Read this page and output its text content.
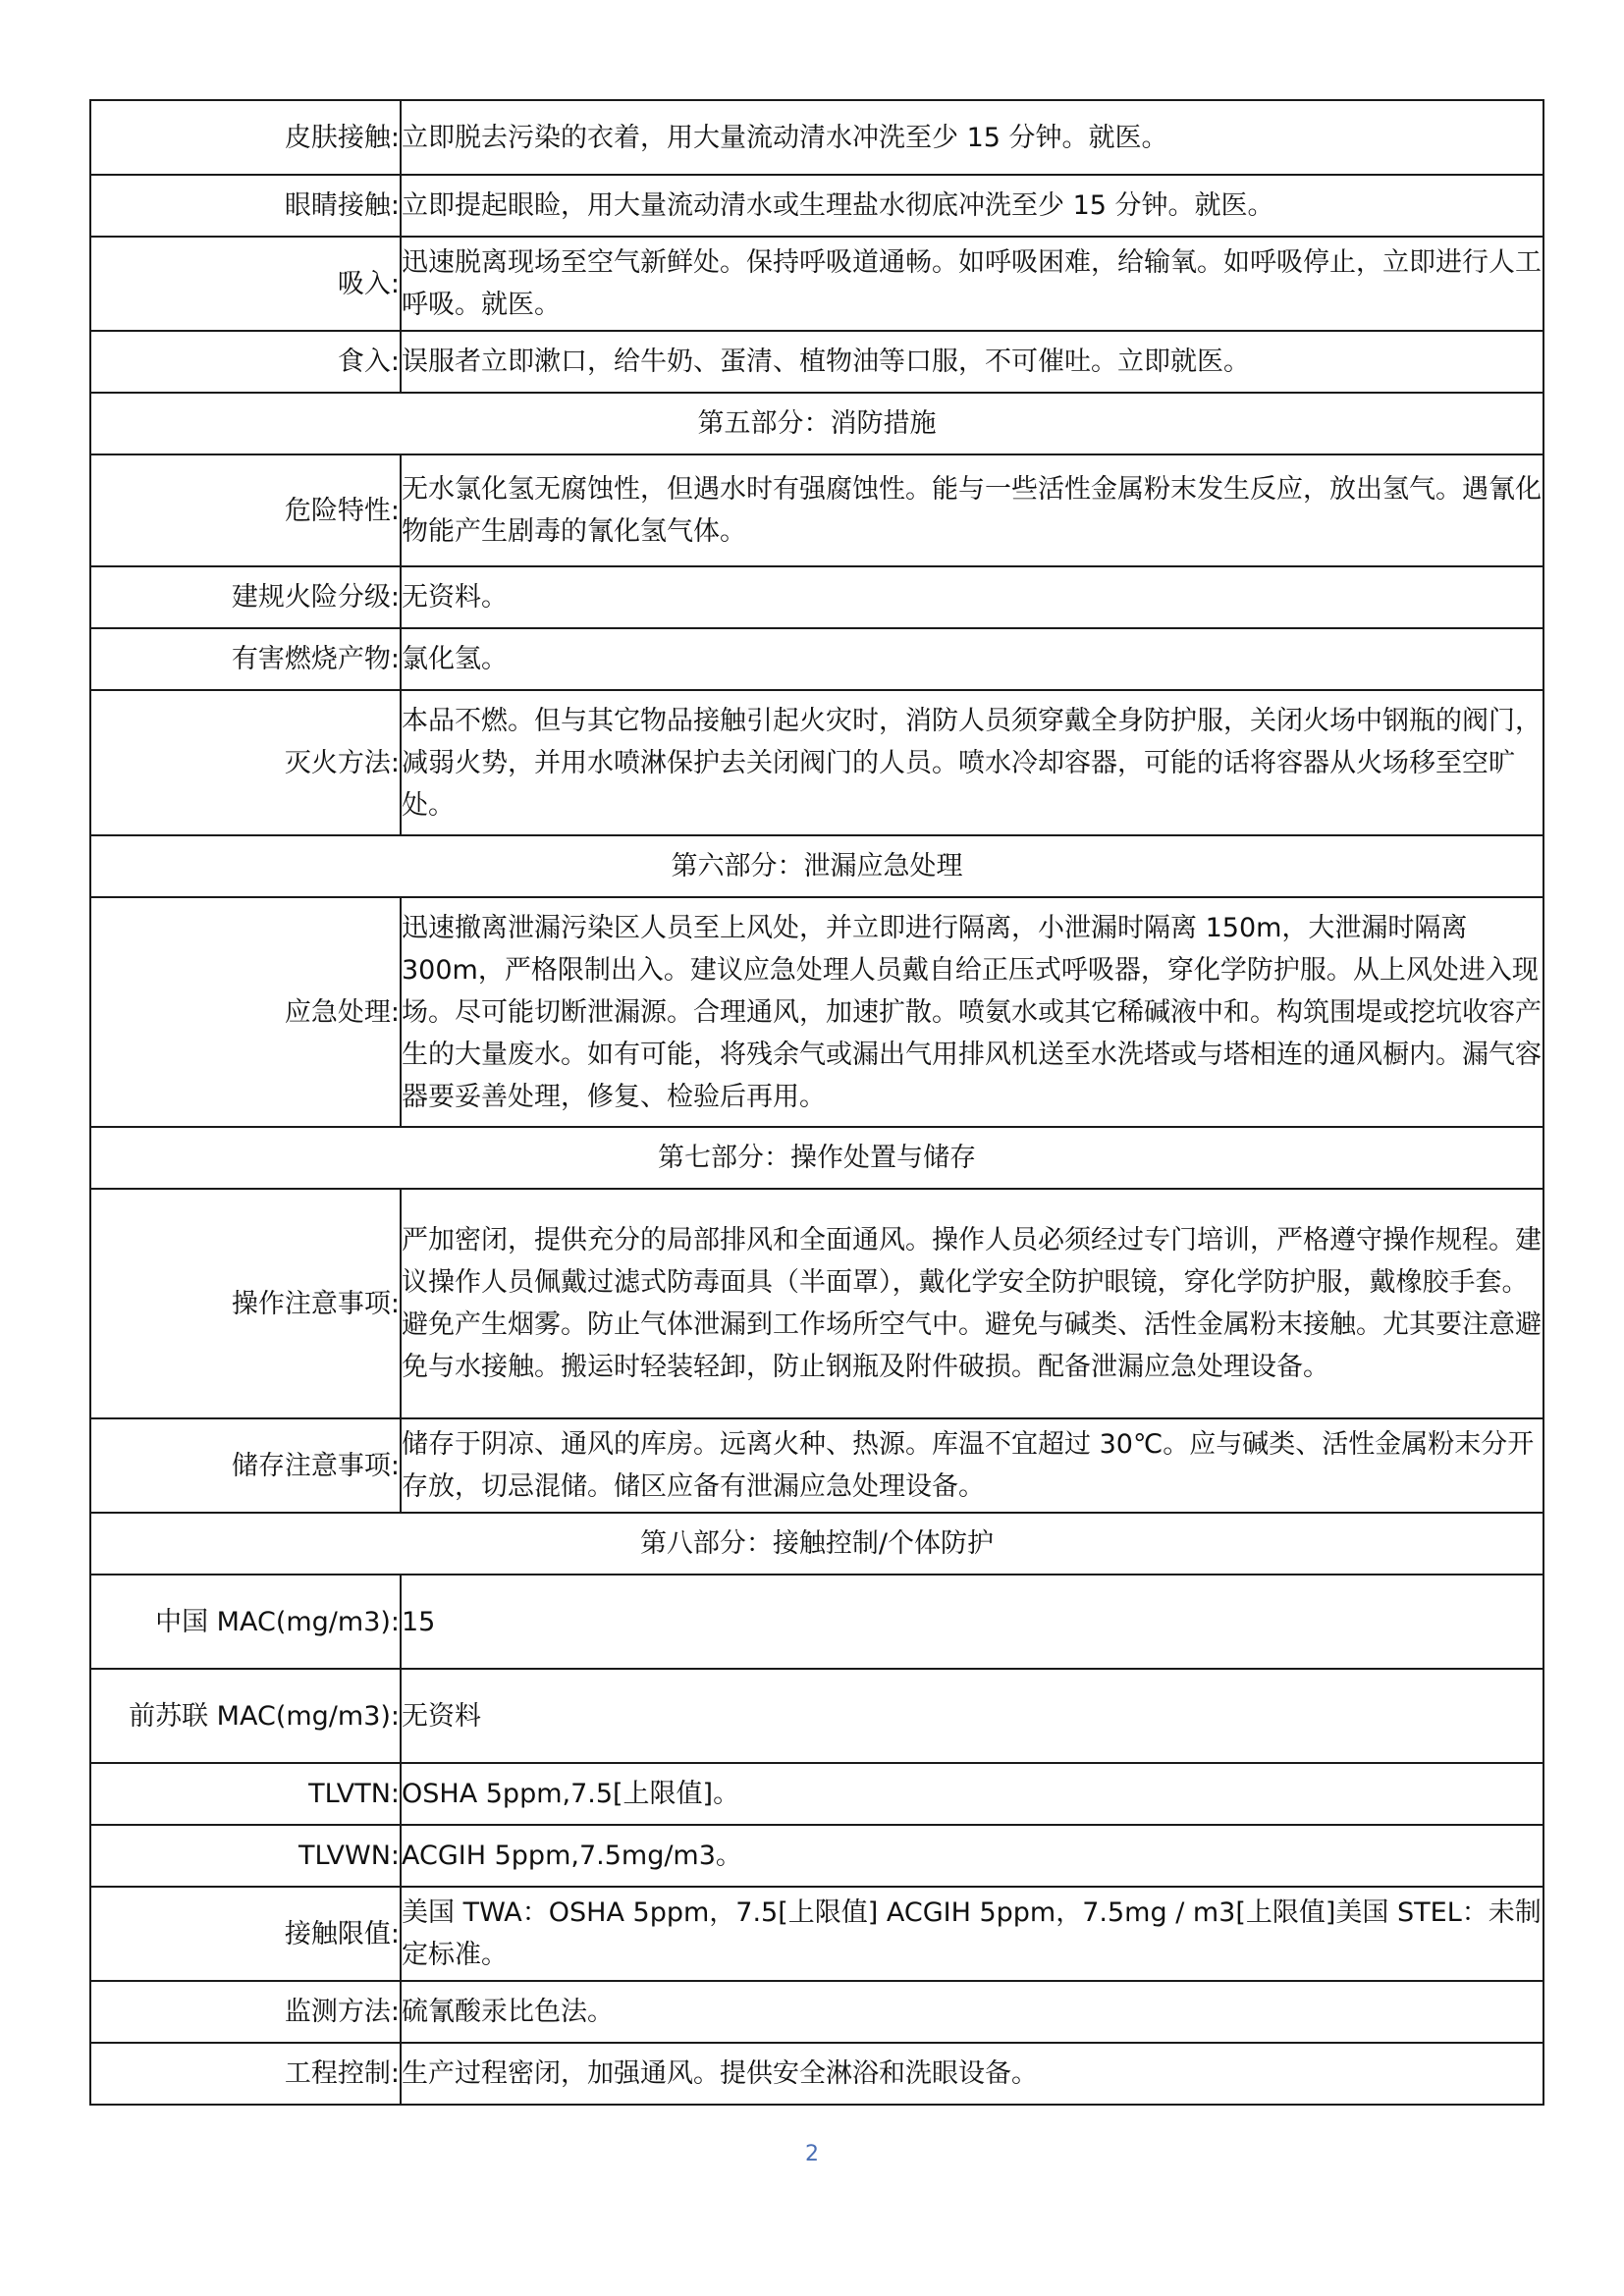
皮肤接触:	立即脱去污染的衣着，用大量流动清水冲洗至少 15 分钟。就医。
眼睛接触:	立即提起眼睑，用大量流动清水或生理盐水彻底冲洗至少 15 分钟。就医。
吸入:	迅速脱离现场至空气新鲜处。保持呼吸道通畅。如呼吸困难，给输氧。如呼吸停止，立即进行人工呼吸。就医。
食入:	误服者立即漱口，给牛奶、蛋清、植物油等口服，不可催吐。立即就医。
第五部分：消防措施	
危险特性:	无水氯化氢无腐蚀性，但遇水时有强腐蚀性。能与一些活性金属粉末发生反应，放出氢气。遇氰化物能产生剧毒的氰化氢气体。
建规火险分级:	无资料。
有害燃烧产物:	氯化氢。
灭火方法:	本品不燃。但与其它物品接触引起火灾时，消防人员须穿戴全身防护服，关闭火场中钢瓶的阀门，减弱火势，并用水喷淋保护去关闭阀门的人员。喷水冷却容器，可能的话将容器从火场移至空旷处。
第六部分：泄漏应急处理	
应急处理:	迅速撤离泄漏污染区人员至上风处，并立即进行隔离，小泄漏时隔离 150m，大泄漏时隔离 300m，严格限制出入。建议应急处理人员戴自给正压式呼吸器，穿化学防护服。从上风处进入现场。尽可能切断泄漏源。合理通风，加速扩散。喷氨水或其它稀碱液中和。构筑围堤或挖坑收容产生的大量废水。如有可能，将残余气或漏出气用排风机送至水洗塔或与塔相连的通风橱内。漏气容器要妥善处理，修复、检验后再用。
第七部分：操作处置与储存	
操作注意事项:	严加密闭，提供充分的局部排风和全面通风。操作人员必须经过专门培训，严格遵守操作规程。建议操作人员佩戴过滤式防毒面具（半面罩），戴化学安全防护眼镜，穿化学防护服，戴橡胶手套。避免产生烟雾。防止气体泄漏到工作场所空气中。避免与碱类、活性金属粉末接触。尤其要注意避免与水接触。搬运时轻装轻卸，防止钢瓶及附件破损。配备泄漏应急处理设备。
储存注意事项:	储存于阴凉、通风的库房。远离火种、热源。库温不宜超过 30℃。应与碱类、活性金属粉末分开存放，切忌混储。储区应备有泄漏应急处理设备。
第八部分：接触控制/个体防护	
中国 MAC(mg/m3):	15
前苏联 MAC(mg/m3):	无资料
TLVTN:	OSHA 5ppm,7.5[上限值]。
TLVWN:	ACGIH 5ppm,7.5mg/m3。
接触限值:	美国 TWA：OSHA 5ppm，7.5[上限值] ACGIH 5ppm，7.5mg / m3[上限值]美国 STEL：未制定标准。
监测方法:	硫氰酸汞比色法。
工程控制:	生产过程密闭，加强通风。提供安全淋浴和洗眼设备。
2
